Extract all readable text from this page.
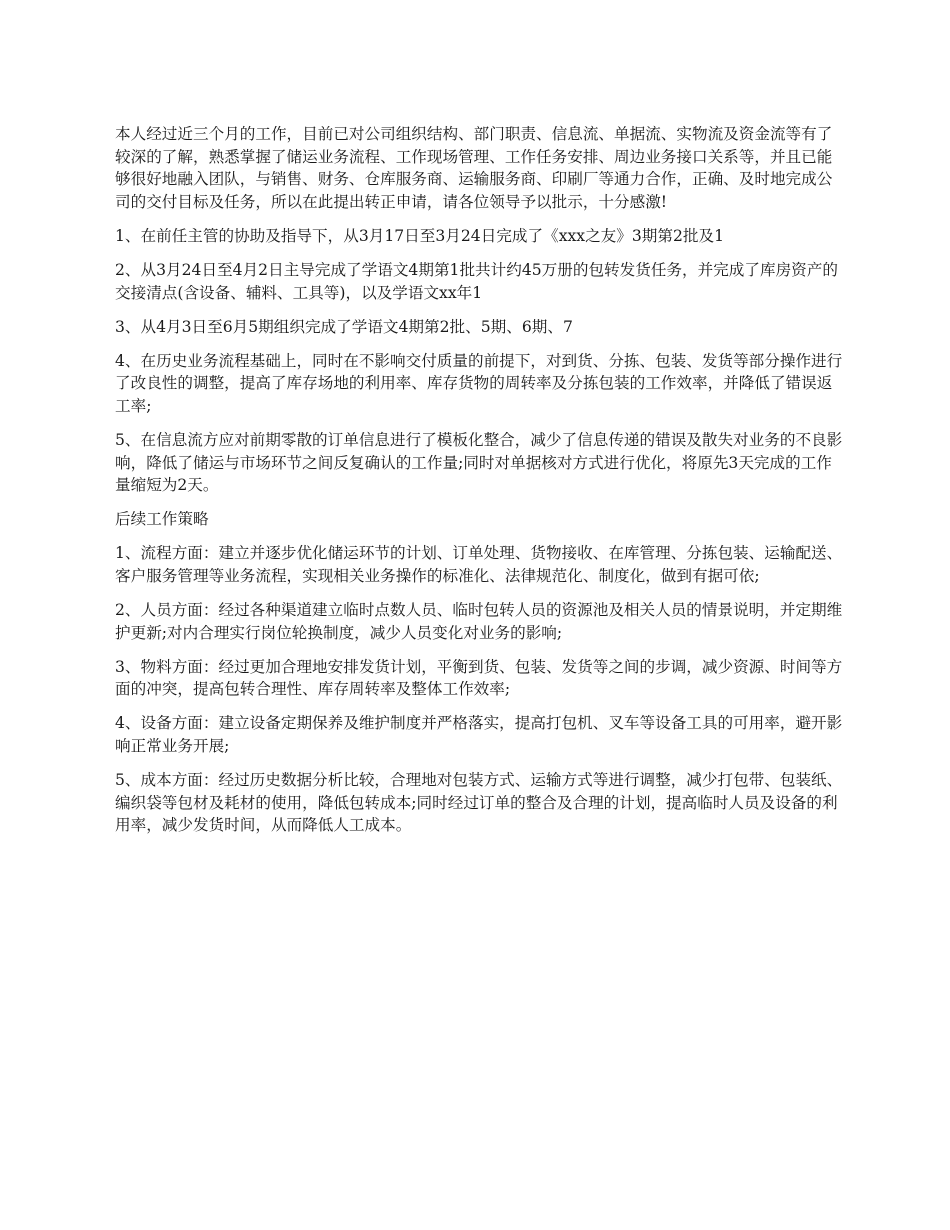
本人经过近三个月的工作，目前已对公司组织结构、部门职责、信息流、单据流、实物流及资金流等有了较深的了解，熟悉掌握了储运业务流程、工作现场管理、工作任务安排、周边业务接口关系等，并且已能够很好地融入团队，与销售、财务、仓库服务商、运输服务商、印刷厂等通力合作，正确、及时地完成公司的交付目标及任务，所以在此提出转正申请，请各位领导予以批示，十分感激!

1、在前任主管的协助及指导下，从3月17日至3月24日完成了《xxx之友》3期第2批及1

2、从3月24日至4月2日主导完成了学语文4期第1批共计约45万册的包转发货任务，并完成了库房资产的交接清点(含设备、辅料、工具等)，以及学语文xx年1

3、从4月3日至6月5期组织完成了学语文4期第2批、5期、6期、7

4、在历史业务流程基础上，同时在不影响交付质量的前提下，对到货、分拣、包装、发货等部分操作进行了改良性的调整，提高了库存场地的利用率、库存货物的周转率及分拣包装的工作效率，并降低了错误返工率;

5、在信息流方应对前期零散的订单信息进行了模板化整合，减少了信息传递的错误及散失对业务的不良影响，降低了储运与市场环节之间反复确认的工作量;同时对单据核对方式进行优化，将原先3天完成的工作量缩短为2天。

后续工作策略

1、流程方面：建立并逐步优化储运环节的计划、订单处理、货物接收、在库管理、分拣包装、运输配送、客户服务管理等业务流程，实现相关业务操作的标准化、法律规范化、制度化，做到有据可依;

2、人员方面：经过各种渠道建立临时点数人员、临时包转人员的资源池及相关人员的情景说明，并定期维护更新;对内合理实行岗位轮换制度，减少人员变化对业务的影响;

3、物料方面：经过更加合理地安排发货计划，平衡到货、包装、发货等之间的步调，减少资源、时间等方面的冲突，提高包转合理性、库存周转率及整体工作效率;

4、设备方面：建立设备定期保养及维护制度并严格落实，提高打包机、叉车等设备工具的可用率，避开影响正常业务开展;

5、成本方面：经过历史数据分析比较，合理地对包装方式、运输方式等进行调整，减少打包带、包装纸、编织袋等包材及耗材的使用，降低包转成本;同时经过订单的整合及合理的计划，提高临时人员及设备的利用率，减少发货时间，从而降低人工成本。
